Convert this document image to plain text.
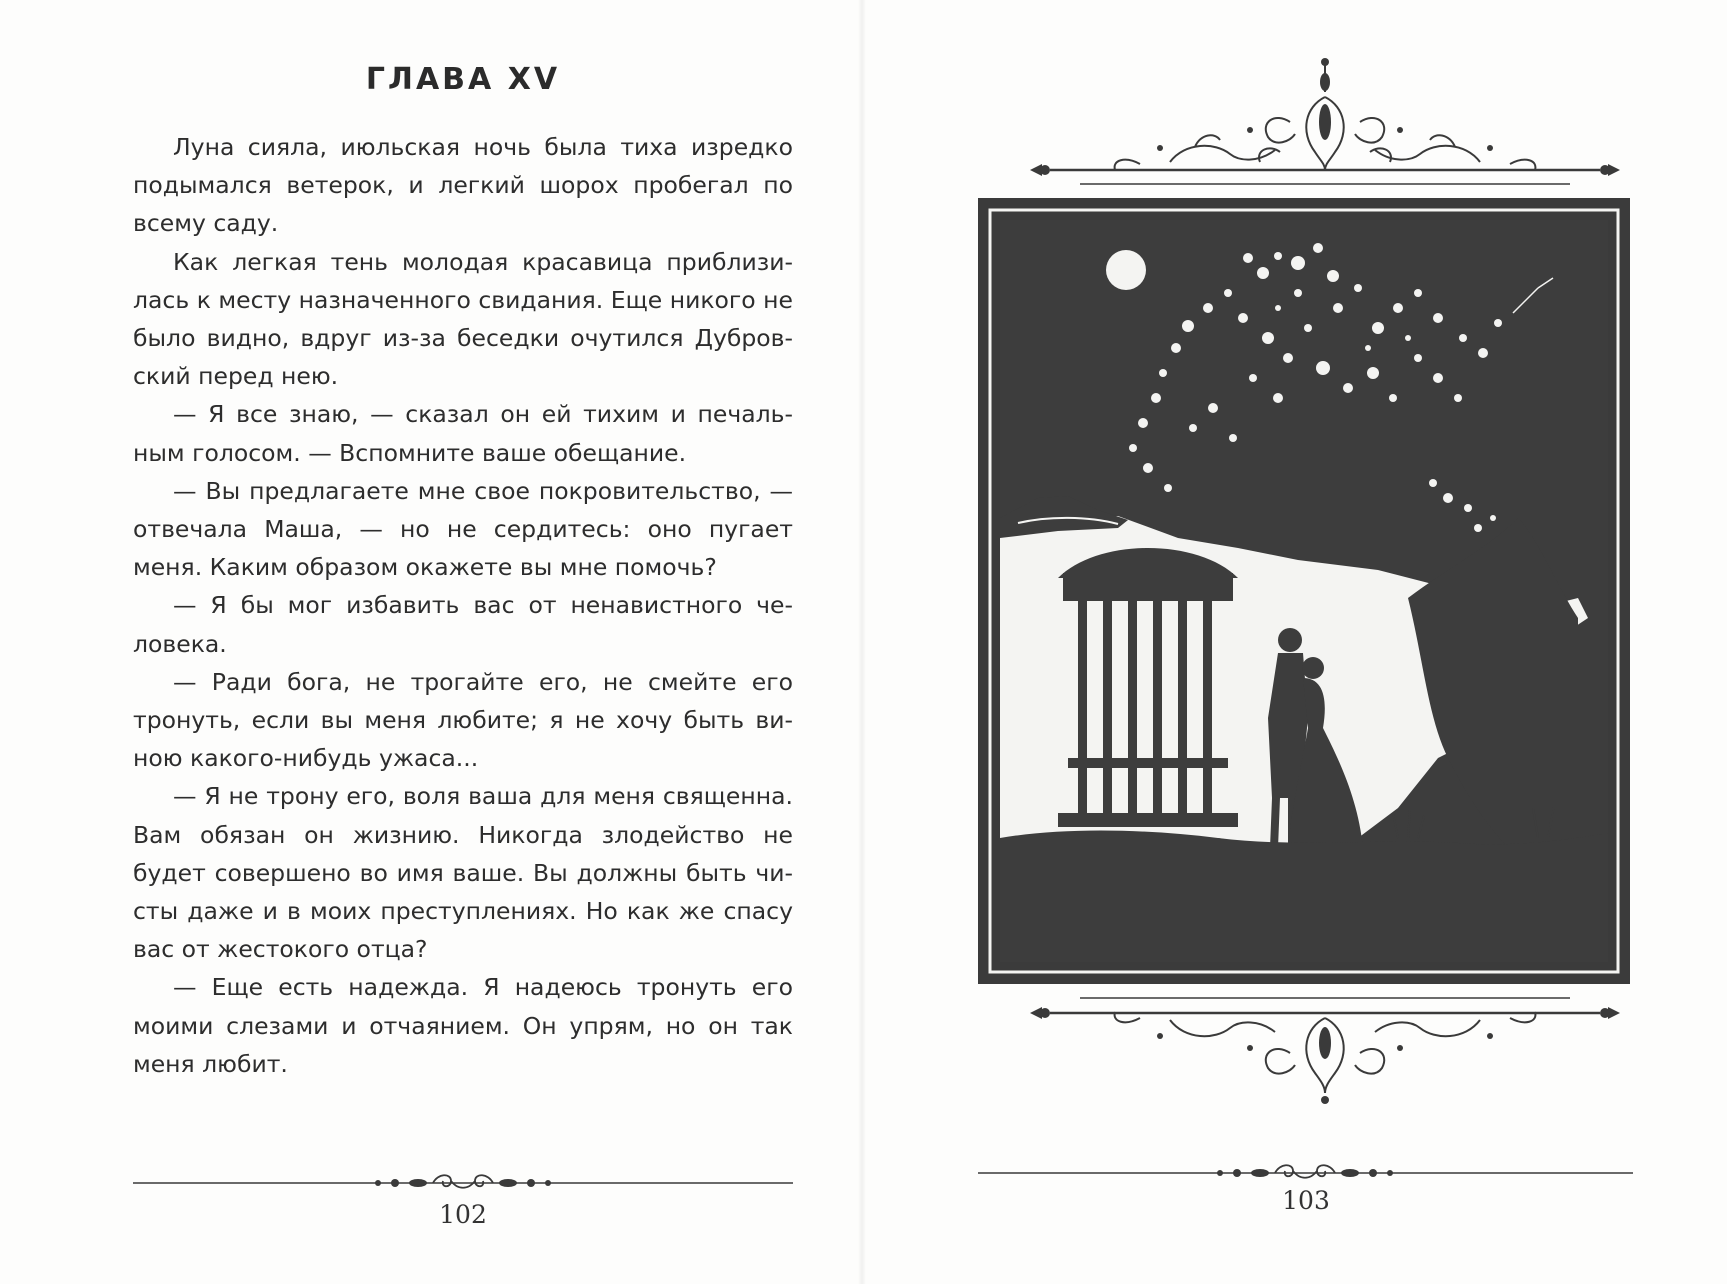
ГЛАВА XV

Луна сияла, июльская ночь была тиха изредко подымался ветерок, и легкий шорох пробегал по всему саду.

Как легкая тень молодая красавица приблизилась к месту назначенного свидания. Еще никого не было видно, вдруг из-за беседки очутился Дубровский перед нею.

— Я все знаю, — сказал он ей тихим и печальным голосом. — Вспомните ваше обещание.

— Вы предлагаете мне свое покровительство, — отвечала Маша, — но не сердитесь: оно пугает меня. Каким образом окажете вы мне помочь?

— Я бы мог избавить вас от ненавистного человека.

— Ради бога, не трогайте его, не смейте его тронуть, если вы меня любите; я не хочу быть виною какого-нибудь ужаса...

— Я не трону его, воля ваша для меня священна. Вам обязан он жизнию. Никогда злодейство не будет совершено во имя ваше. Вы должны быть чисты даже и в моих преступлениях. Но как же спасу вас от жестокого отца?

— Еще есть надежда. Я надеюсь тронуть его моими слезами и отчаянием. Он упрям, но он так меня любит.

102	103
